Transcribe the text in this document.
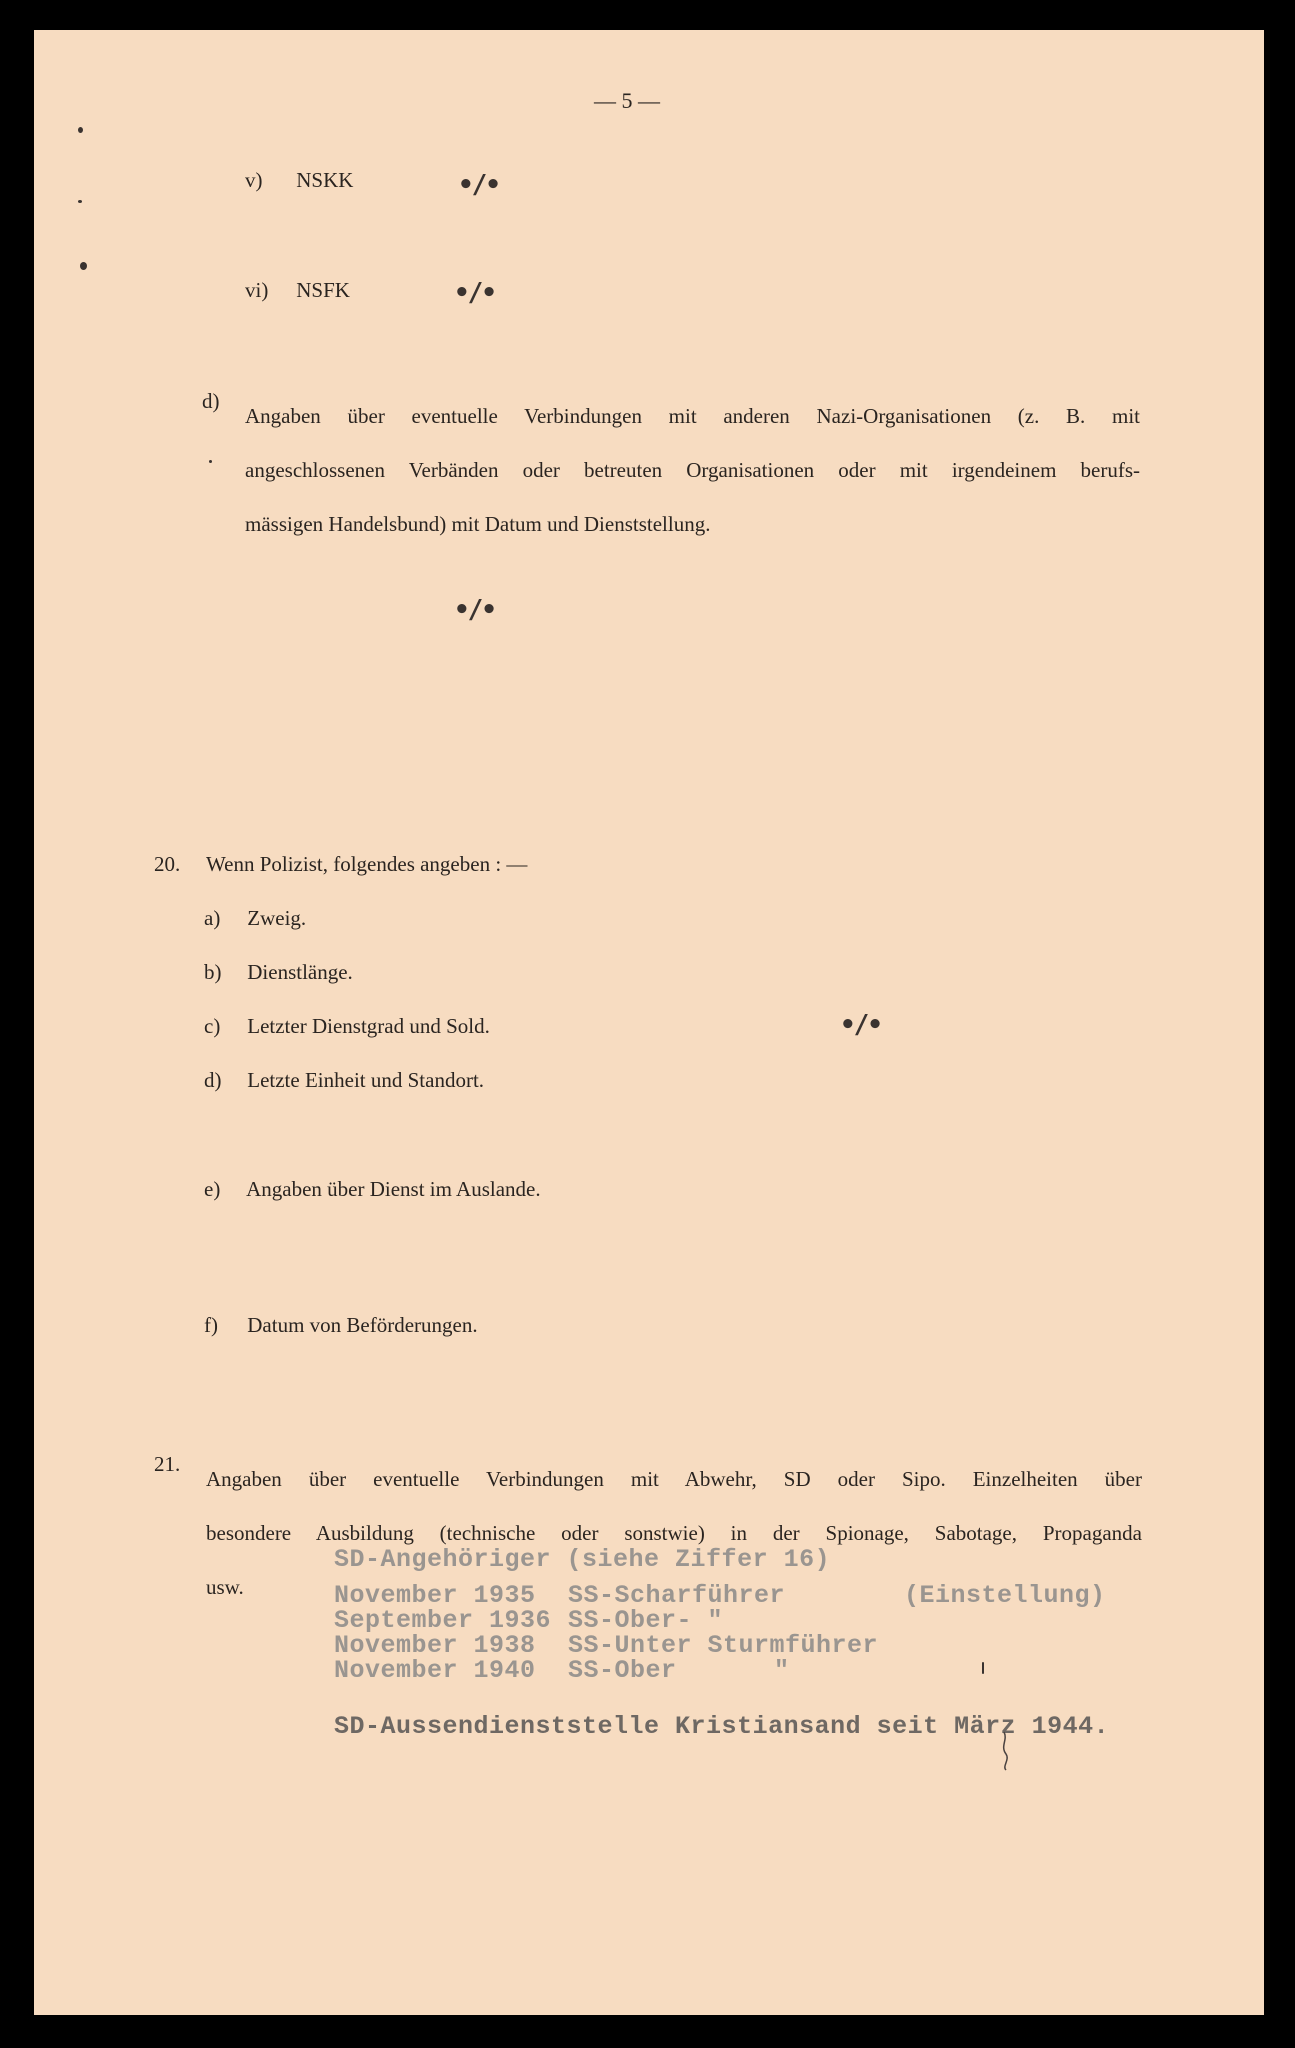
— 5 —
v) NSKK	•/•
vi) NSFK	•/•
d)
Angaben über eventuelle Verbindungen mit anderen Nazi-Organisationen (z. B. mit
angeschlossenen Verbänden oder betreuten Organisationen oder mit irgendeinem berufs-
mässigen Handelsbund) mit Datum und Dienststellung.
•/•
20. Wenn Polizist, folgendes angeben : —
a) Zweig.
b) Dienstlänge.
c) Letzter Dienstgrad und Sold.
d) Letzte Einheit und Standort.
e) Angaben über Dienst im Auslande.
f) Datum von Beförderungen.
•/•
21.
Angaben über eventuelle Verbindungen mit Abwehr, SD oder Sipo. Einzelheiten über
besondere Ausbildung (technische oder sonstwie) in der Spionage, Sabotage, Propaganda
usw.
SD-Angehöriger (siehe Ziffer 16)
November 1935 SS-Scharführer	(Einstellung)
September 1936 SS-Ober- "
November 1938 SS-Unter Sturmführer
November 1940 SS-Ober	"
SD-Aussendienststelle Kristiansand seit März 1944.
